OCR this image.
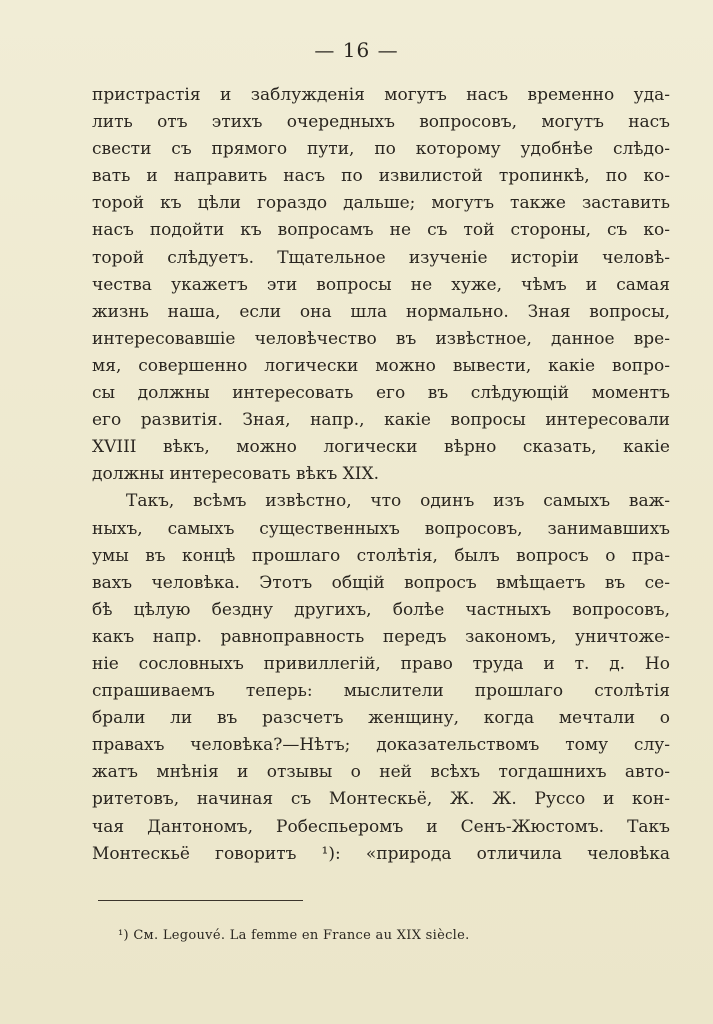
— 16 —
пристрастія и заблужденія могутъ насъ временно уда-
лить отъ этихъ очередныхъ вопросовъ, могутъ насъ
свести съ прямого пути, по которому удобнѣе слѣдо-
вать и направить насъ по извилистой тропинкѣ, по ко-
торой къ цѣли гораздо дальше; могутъ также заставить
насъ подойти къ вопросамъ не съ той стороны, съ ко-
торой слѣдуетъ. Тщательное изученіе исторіи человѣ-
чества укажетъ эти вопросы не хуже, чѣмъ и самая
жизнь наша, если она шла нормально. Зная вопросы,
интересовавшіе человѣчество въ извѣстное, данное вре-
мя, совершенно логически можно вывести, какіе вопро-
сы должны интересовать его въ слѣдующій моментъ
его развитія. Зная, напр., какіе вопросы интересовали
XVIII вѣкъ, можно логически вѣрно сказать, какіе
должны интересовать вѣкъ XIX.
Такъ, всѣмъ извѣстно, что одинъ изъ самыхъ важ-
ныхъ, самыхъ существенныхъ вопросовъ, занимавшихъ
умы въ концѣ прошлаго столѣтія, былъ вопросъ о пра-
вахъ человѣка. Этотъ общій вопросъ вмѣщаетъ въ се-
бѣ цѣлую бездну другихъ, болѣе частныхъ вопросовъ,
какъ напр. равноправность передъ закономъ, уничтоже-
ніе сословныхъ привиллегій, право труда и т. д. Но
спрашиваемъ теперь: мыслители прошлаго столѣтія
брали ли въ разсчетъ женщину, когда мечтали о
правахъ человѣка?—Нѣтъ; доказательствомъ тому слу-
жатъ мнѣнія и отзывы о ней всѣхъ тогдашнихъ авто-
ритетовъ, начиная съ Монтескьё, Ж. Ж. Руссо и кон-
чая Дантономъ, Робеспьеромъ и Сенъ-Жюстомъ. Такъ
Монтескьё говоритъ ¹): «природа отличила человѣка
¹) См. Legouvé. La femme en France au XIX siècle.
